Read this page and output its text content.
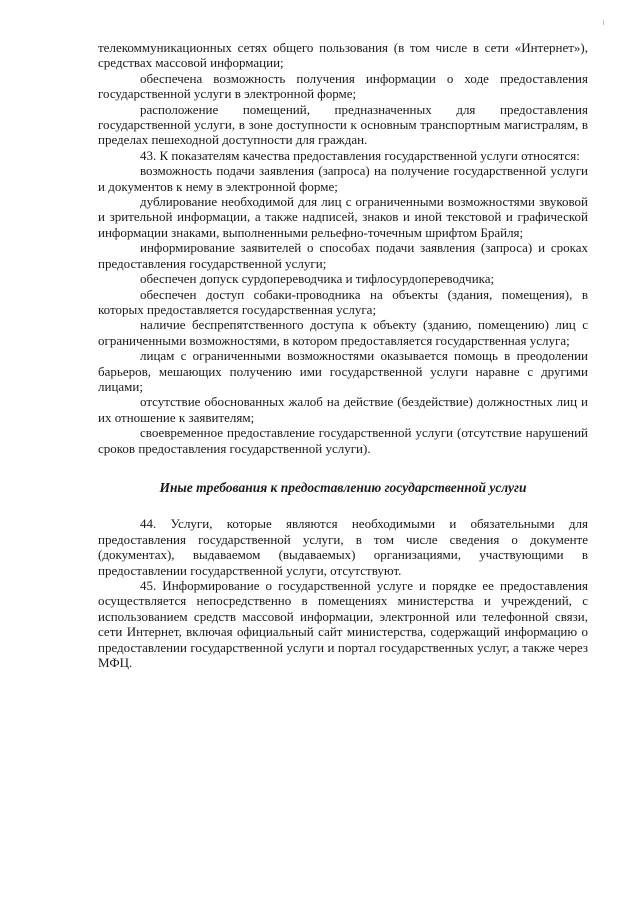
телекоммуникационных сетях общего пользования (в том числе в сети «Интернет»), средствах массовой информации;

обеспечена возможность получения информации о ходе предоставления государственной услуги в электронной форме;

расположение помещений, предназначенных для предоставления государственной услуги, в зоне доступности к основным транспортным магистралям, в пределах пешеходной доступности для граждан.

43. К показателям качества предоставления государственной услуги относятся:

возможность подачи заявления (запроса) на получение государственной услуги и документов к нему в электронной форме;

дублирование необходимой для лиц с ограниченными возможностями звуковой и зрительной информации, а также надписей, знаков и иной текстовой и графической информации знаками, выполненными рельефно-точечным шрифтом Брайля;

информирование заявителей о способах подачи заявления (запроса) и сроках предоставления государственной услуги;

обеспечен допуск сурдопереводчика и тифлосурдопереводчика;

обеспечен доступ собаки-проводника на объекты (здания, помещения), в которых предоставляется государственная услуга;

наличие беспрепятственного доступа к объекту (зданию, помещению) лиц с ограниченными возможностями, в котором предоставляется государственная услуга;

лицам с ограниченными возможностями оказывается помощь в преодолении барьеров, мешающих получению ими государственной услуги наравне с другими лицами;

отсутствие обоснованных жалоб на действие (бездействие) должностных лиц и их отношение к заявителям;

своевременное предоставление государственной услуги (отсутствие нарушений сроков предоставления государственной услуги).

Иные требования к предоставлению государственной услуги

44. Услуги, которые являются необходимыми и обязательными для предоставления государственной услуги, в том числе сведения о документе (документах), выдаваемом (выдаваемых) организациями, участвующими в предоставлении государственной услуги, отсутствуют.

45. Информирование о государственной услуге и порядке ее предоставления осуществляется непосредственно в помещениях министерства и учреждений, с использованием средств массовой информации, электронной или телефонной связи, сети Интернет, включая официальный сайт министерства, содержащий информацию о предоставлении государственной услуги и портал государственных услуг, а также через МФЦ.
